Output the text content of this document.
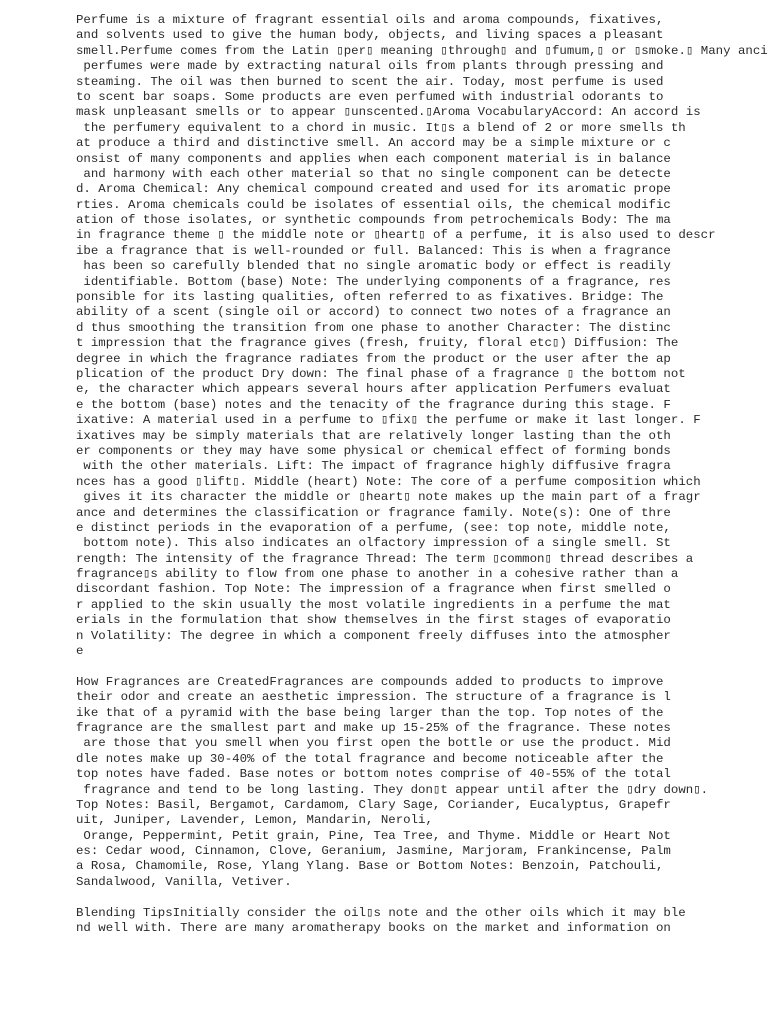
Perfume is a mixture of fragrant essential oils and aroma compounds, fixatives,
and solvents used to give the human body, objects, and living spaces a pleasant
smell.Perfume comes from the Latin ▯per▯ meaning ▯through▯ and ▯fumum,▯ or ▯smoke.▯ Many anci
perfumes were made by extracting natural oils from plants through pressing and
steaming. The oil was then burned to scent the air. Today, most perfume is used
to scent bar soaps. Some products are even perfumed with industrial odorants to
mask unpleasant smells or to appear ▯unscented.▯Aroma VocabularyAccord: An accord is
the perfumery equivalent to a chord in music. It▯s a blend of 2 or more smells th
at produce a third and distinctive smell. An accord may be a simple mixture or c
onsist of many components and applies when each component material is in balance
and harmony with each other material so that no single component can be detecte
d. Aroma Chemical: Any chemical compound created and used for its aromatic prope
rties. Aroma chemicals could be isolates of essential oils, the chemical modific
ation of those isolates, or synthetic compounds from petrochemicals Body: The ma
in fragrance theme ▯ the middle note or ▯heart▯ of a perfume, it is also used to descr
ibe a fragrance that is well-rounded or full. Balanced: This is when a fragrance
has been so carefully blended that no single aromatic body or effect is readily
identifiable. Bottom (base) Note: The underlying components of a fragrance, res
ponsible for its lasting qualities, often referred to as fixatives. Bridge: The
ability of a scent (single oil or accord) to connect two notes of a fragrance an
d thus smoothing the transition from one phase to another Character: The distinc
t impression that the fragrance gives (fresh, fruity, floral etc▯) Diffusion: The
degree in which the fragrance radiates from the product or the user after the ap
plication of the product Dry down: The final phase of a fragrance ▯ the bottom not
e, the character which appears several hours after application Perfumers evaluat
e the bottom (base) notes and the tenacity of the fragrance during this stage. F
ixative: A material used in a perfume to ▯fix▯ the perfume or make it last longer. F
ixatives may be simply materials that are relatively longer lasting than the oth
er components or they may have some physical or chemical effect of forming bonds
with the other materials. Lift: The impact of fragrance highly diffusive fragra
nces has a good ▯lift▯. Middle (heart) Note: The core of a perfume composition which
gives it its character the middle or ▯heart▯ note makes up the main part of a fragr
ance and determines the classification or fragrance family. Note(s): One of thre
e distinct periods in the evaporation of a perfume, (see: top note, middle note,
bottom note). This also indicates an olfactory impression of a single smell. St
rength: The intensity of the fragrance Thread: The term ▯common▯ thread describes a
fragrance▯s ability to flow from one phase to another in a cohesive rather than a
discordant fashion. Top Note: The impression of a fragrance when first smelled o
r applied to the skin usually the most volatile ingredients in a perfume the mat
erials in the formulation that show themselves in the first stages of evaporatio
n Volatility: The degree in which a component freely diffuses into the atmospher
e
How Fragrances are CreatedFragrances are compounds added to products to improve
their odor and create an aesthetic impression. The structure of a fragrance is l
ike that of a pyramid with the base being larger than the top. Top notes of the
fragrance are the smallest part and make up 15-25% of the fragrance. These notes
are those that you smell when you first open the bottle or use the product. Mid
dle notes make up 30-40% of the total fragrance and become noticeable after the
top notes have faded. Base notes or bottom notes comprise of 40-55% of the total
fragrance and tend to be long lasting. They don▯t appear until after the ▯dry down▯.
Top Notes: Basil, Bergamot, Cardamom, Clary Sage, Coriander, Eucalyptus, Grapefr
uit, Juniper, Lavender, Lemon, Mandarin, Neroli,
Orange, Peppermint, Petit grain, Pine, Tea Tree, and Thyme. Middle or Heart Not
es: Cedar wood, Cinnamon, Clove, Geranium, Jasmine, Marjoram, Frankincense, Palm
a Rosa, Chamomile, Rose, Ylang Ylang. Base or Bottom Notes: Benzoin, Patchouli,
Sandalwood, Vanilla, Vetiver.
Blending TipsInitially consider the oil▯s note and the other oils which it may ble
nd well with. There are many aromatherapy books on the market and information on
